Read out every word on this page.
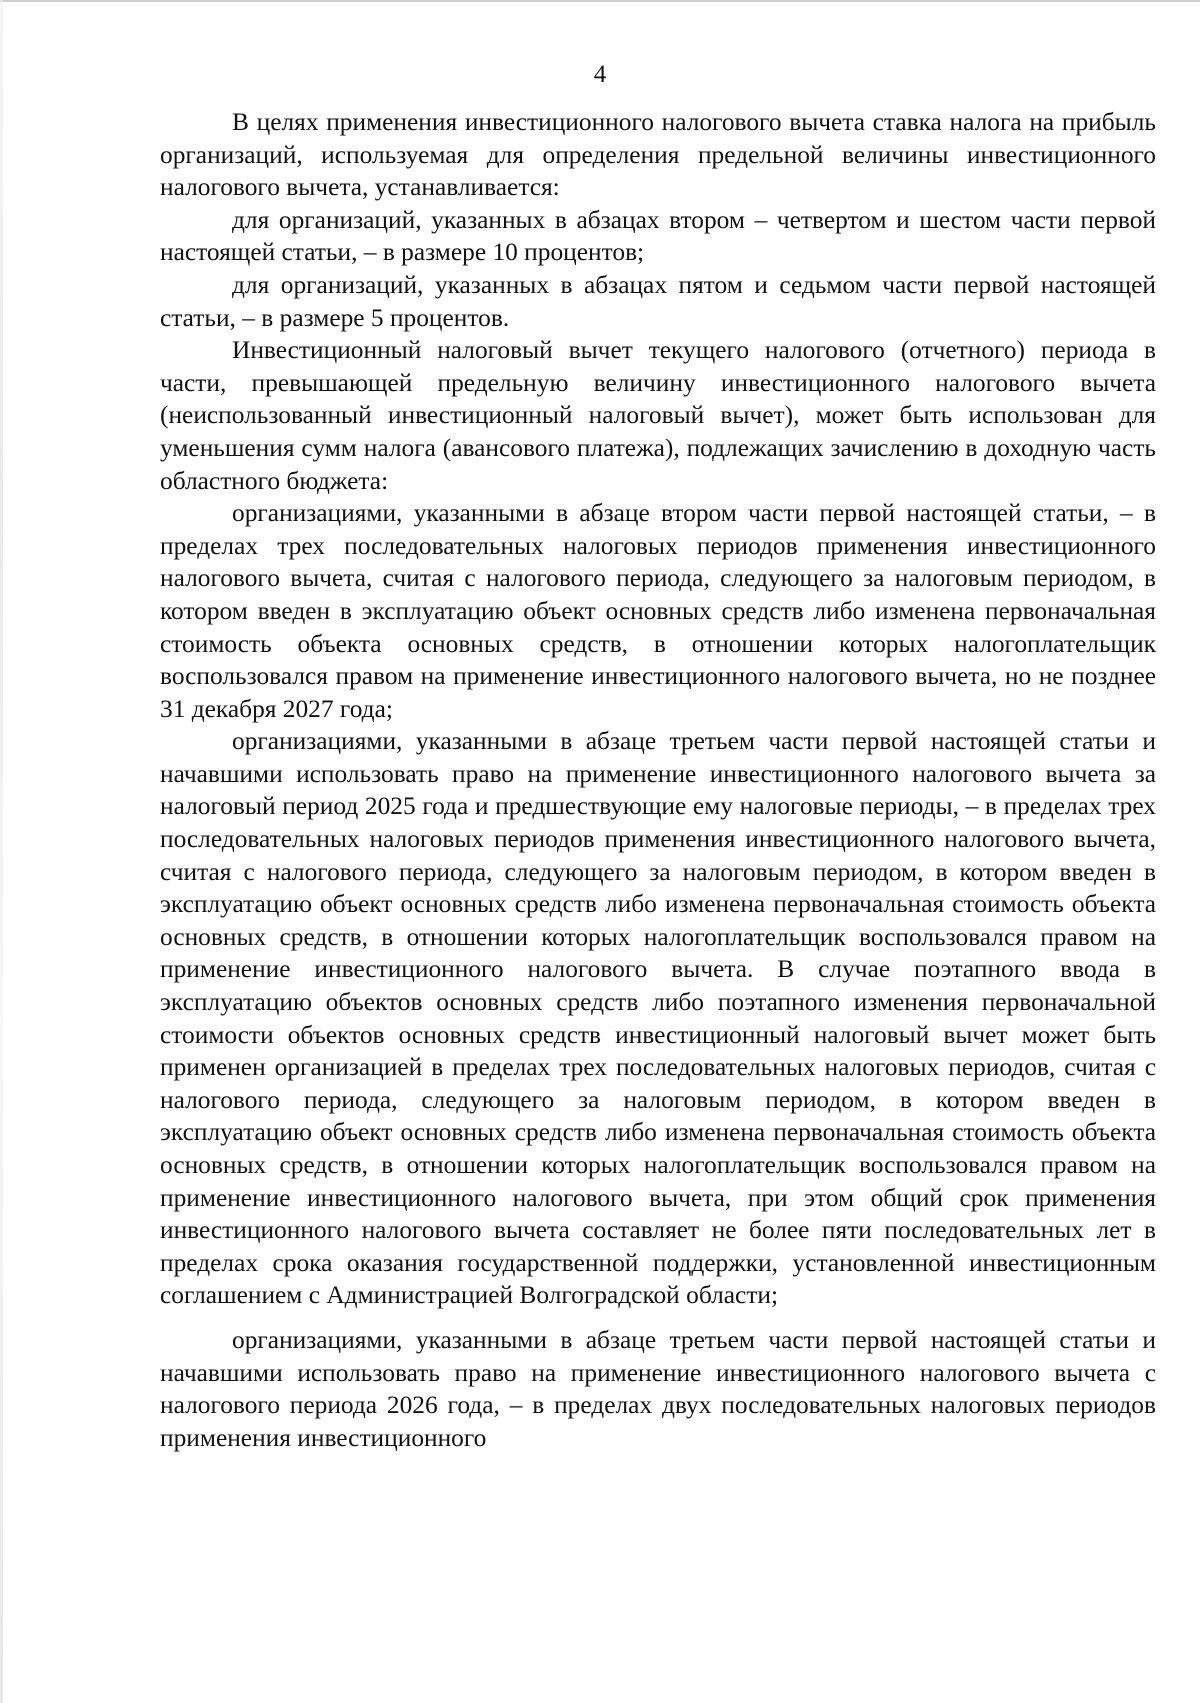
4

В целях применения инвестиционного налогового вычета ставка налога на прибыль организаций, используемая для определения предельной величины инвестиционного налогового вычета, устанавливается:

для организаций, указанных в абзацах втором – четвертом и шестом части первой настоящей статьи, – в размере 10 процентов;

для организаций, указанных в абзацах пятом и седьмом части первой настоящей статьи, – в размере 5 процентов.

Инвестиционный налоговый вычет текущего налогового (отчетного) периода в части, превышающей предельную величину инвестиционного налогового вычета (неиспользованный инвестиционный налоговый вычет), может быть использован для уменьшения сумм налога (авансового платежа), подлежащих зачислению в доходную часть областного бюджета:

организациями, указанными в абзаце втором части первой настоящей статьи, – в пределах трех последовательных налоговых периодов применения инвестиционного налогового вычета, считая с налогового периода, следующего за налоговым периодом, в котором введен в эксплуатацию объект основных средств либо изменена первоначальная стоимость объекта основных средств, в отношении которых налогоплательщик воспользовался правом на применение инвестиционного налогового вычета, но не позднее 31 декабря 2027 года;

организациями, указанными в абзаце третьем части первой настоящей статьи и начавшими использовать право на применение инвестиционного налогового вычета за налоговый период 2025 года и предшествующие ему налоговые периоды, – в пределах трех последовательных налоговых периодов применения инвестиционного налогового вычета, считая с налогового периода, следующего за налоговым периодом, в котором введен в эксплуатацию объект основных средств либо изменена первоначальная стоимость объекта основных средств, в отношении которых налогоплательщик воспользовался правом на применение инвестиционного налогового вычета. В случае поэтапного ввода в эксплуатацию объектов основных средств либо поэтапного изменения первоначальной стоимости объектов основных средств инвестиционный налоговый вычет может быть применен организацией в пределах трех последовательных налоговых периодов, считая с налогового периода, следующего за налоговым периодом, в котором введен в эксплуатацию объект основных средств либо изменена первоначальная стоимость объекта основных средств, в отношении которых налогоплательщик воспользовался правом на применение инвестиционного налогового вычета, при этом общий срок применения инвестиционного налогового вычета составляет не более пяти последовательных лет в пределах срока оказания государственной поддержки, установленной инвестиционным соглашением с Администрацией Волгоградской области;

организациями, указанными в абзаце третьем части первой настоящей статьи и начавшими использовать право на применение инвестиционного налогового вычета с налогового периода 2026 года, – в пределах двух последовательных налоговых периодов применения инвестиционного
